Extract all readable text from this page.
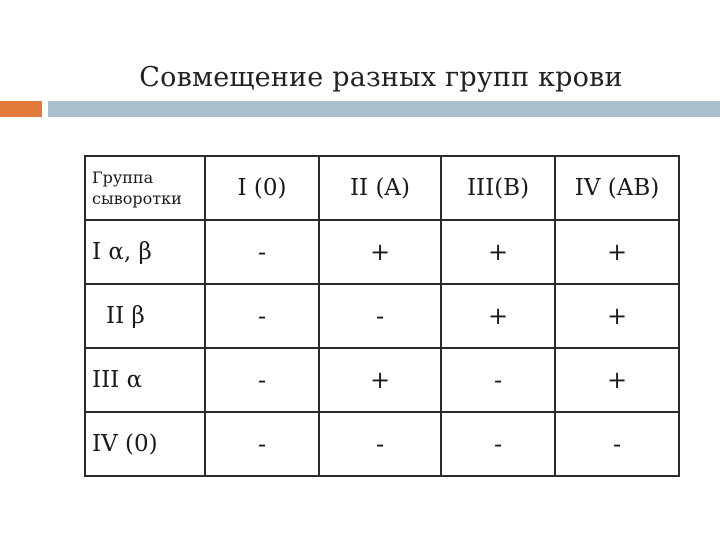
Совмещение разных групп крови
Группа
сыворотки	I (0)	II (A)	III(B)	IV (AB)
I α, β	-	+	+	+
II β	-	-	+	+
III α	-	+	-	+
IV (0)	-	-	-	-
